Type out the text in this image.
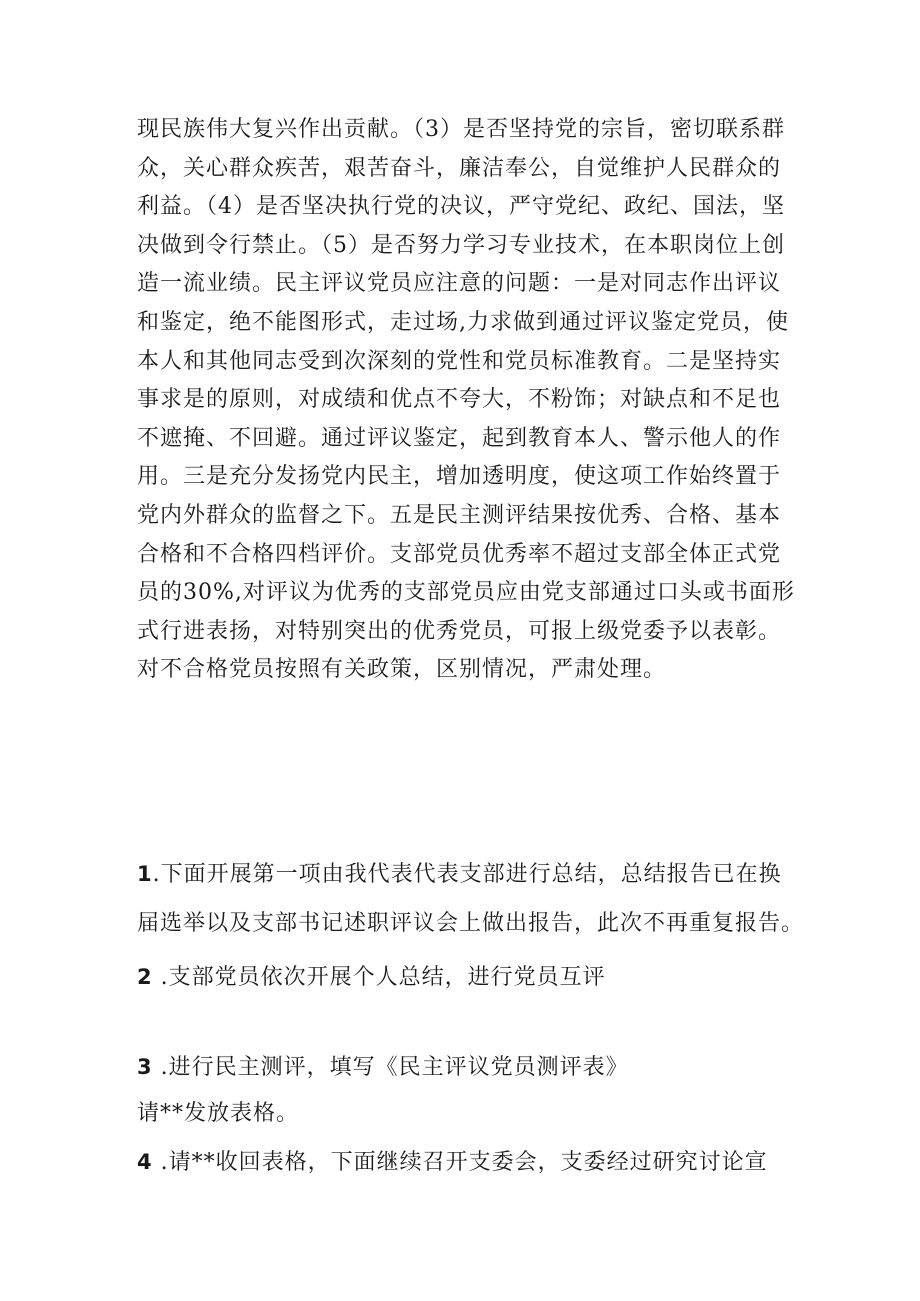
现民族伟大复兴作出贡献。（3）是否坚持党的宗旨，密切联系群
众，关心群众疾苦，艰苦奋斗，廉洁奉公，自觉维护人民群众的
利益。（4）是否坚决执行党的决议，严守党纪、政纪、国法，坚
决做到令行禁止。（5）是否努力学习专业技术，在本职岗位上创
造一流业绩。民主评议党员应注意的问题：一是对同志作出评议
和鉴定，绝不能图形式，走过场,力求做到通过评议鉴定党员，使
本人和其他同志受到次深刻的党性和党员标准教育。二是坚持实
事求是的原则，对成绩和优点不夸大，不粉饰；对缺点和不足也
不遮掩、不回避。通过评议鉴定，起到教育本人、警示他人的作
用。三是充分发扬党内民主，增加透明度，使这项工作始终置于
党内外群众的监督之下。五是民主测评结果按优秀、合格、基本
合格和不合格四档评价。支部党员优秀率不超过支部全体正式党
员的30%,对评议为优秀的支部党员应由党支部通过口头或书面形
式行进表扬，对特别突出的优秀党员，可报上级党委予以表彰。
对不合格党员按照有关政策，区别情况，严肃处理。

1.下面开展第一项由我代表代表支部进行总结，总结报告已在换

届选举以及支部书记述职评议会上做出报告，此次不再重复报告。

2 .支部党员依次开展个人总结，进行党员互评

3 .进行民主测评，填写《民主评议党员测评表》

请**发放表格。

4 .请**收回表格，下面继续召开支委会，支委经过研究讨论宣
